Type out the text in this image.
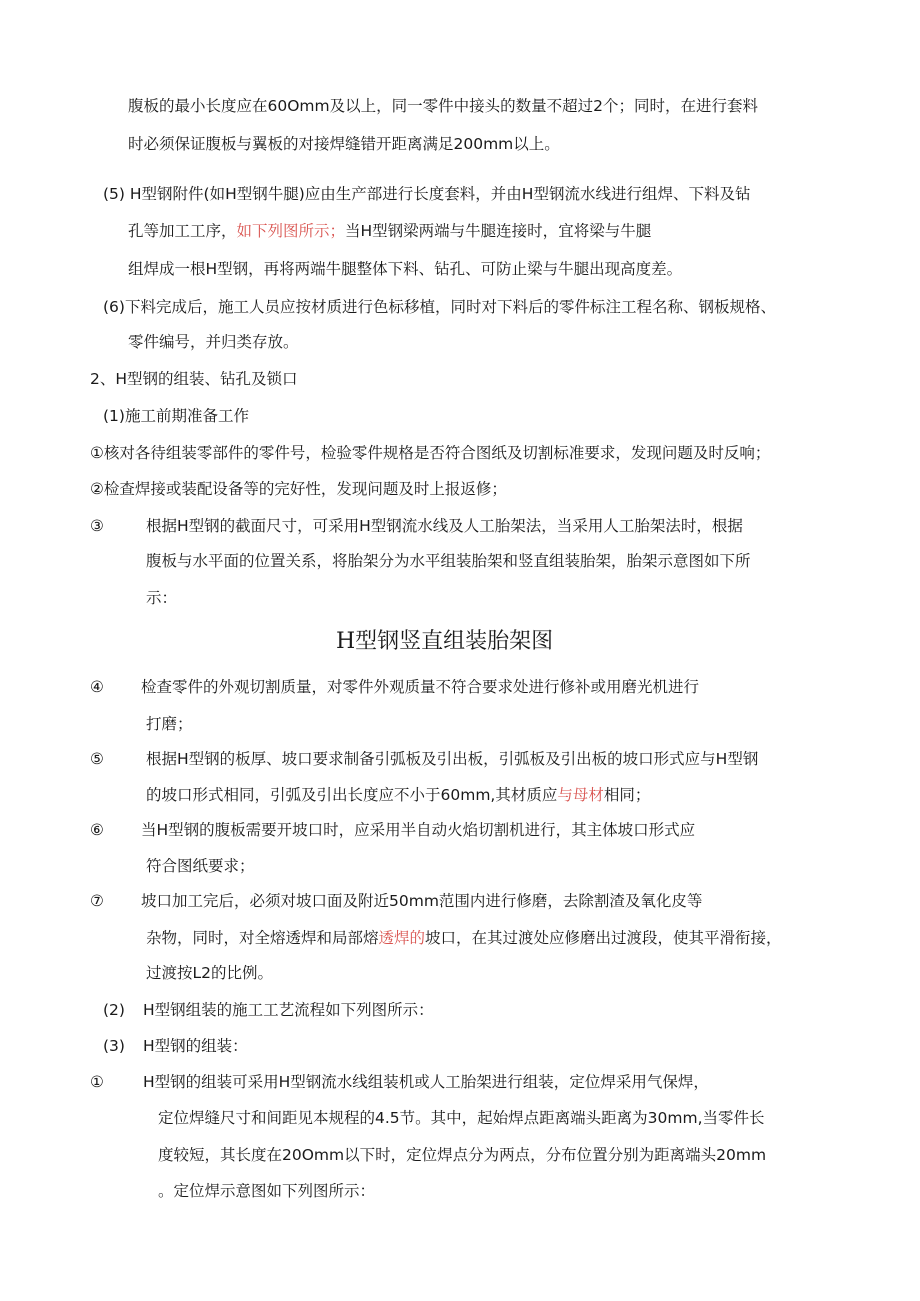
腹板的最小长度应在60Omm及以上，同一零件中接头的数量不超过2个；同时，在进行套料
时必须保证腹板与翼板的对接焊缝错开距离满足200mm以上。
(5) H型钢附件(如H型钢牛腿)应由生产部进行长度套料，并由H型钢流水线进行组焊、下料及钻
孔等加工工序，如下列图所示；当H型钢梁两端与牛腿连接时，宜将梁与牛腿
组焊成一根H型钢，再将两端牛腿整体下料、钻孔、可防止梁与牛腿出现高度差。
(6)下料完成后，施工人员应按材质进行色标移植，同时对下料后的零件标注工程名称、钢板规格、
零件编号，并归类存放。
2、H型钢的组装、钻孔及锁口
(1)施工前期准备工作
①核对各待组装零部件的零件号，检验零件规格是否符合图纸及切割标准要求，发现问题及时反响；
②检查焊接或装配设备等的完好性，发现问题及时上报返修；
③	根据H型钢的截面尺寸，可采用H型钢流水线及人工胎架法，当采用人工胎架法时，根据
腹板与水平面的位置关系，将胎架分为水平组装胎架和竖直组装胎架，胎架示意图如下所
示：
H型钢竖直组装胎架图
④ 检查零件的外观切割质量，对零件外观质量不符合要求处进行修补或用磨光机进行
打磨；
⑤	根据H型钢的板厚、坡口要求制备引弧板及引出板，引弧板及引出板的坡口形式应与H型钢
的坡口形式相同，引弧及引出长度应不小于60mm,其材质应与母材相同；
⑥ 当H型钢的腹板需要开坡口时，应采用半自动火焰切割机进行，其主体坡口形式应
符合图纸要求；
⑦ 坡口加工完后，必须对坡口面及附近50mm范围内进行修磨，去除割渣及氧化皮等
杂物，同时，对全熔透焊和局部熔透焊的坡口，在其过渡处应修磨出过渡段，使其平滑衔接，
过渡按L2的比例。
(2) H型钢组装的施工工艺流程如下列图所示：
(3) H型钢的组装：
①	H型钢的组装可采用H型钢流水线组装机或人工胎架进行组装，定位焊采用气保焊，
定位焊缝尺寸和间距见本规程的4.5节。其中，起始焊点距离端头距离为30mm,当零件长
度较短，其长度在20Omm以下时，定位焊点分为两点，分布位置分别为距离端头20mm
。定位焊示意图如下列图所示：
